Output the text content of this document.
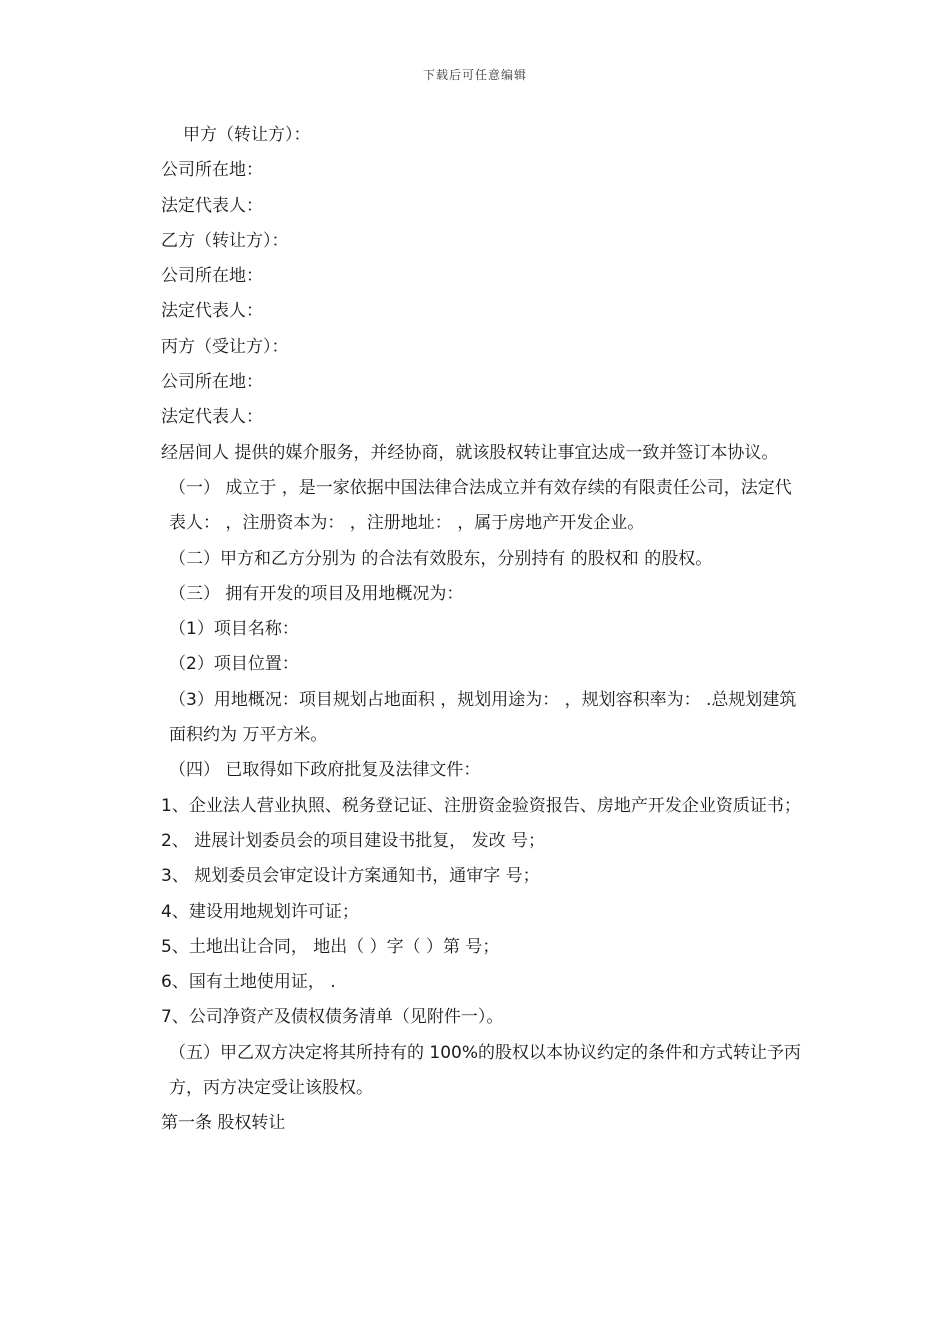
下载后可任意编辑

甲方（转让方）：

公司所在地：

法定代表人：

乙方（转让方）：

公司所在地：

法定代表人：

丙方（受让方）：

公司所在地：

法定代表人：

经居间人 提供的媒介服务，并经协商，就该股权转让事宜达成一致并签订本协议。

（一） 成立于 ，是一家依据中国法律合法成立并有效存续的有限责任公司，法定代表人： ，注册资本为： ，注册地址： ，属于房地产开发企业。

（二）甲方和乙方分别为 的合法有效股东，分别持有 的股权和 的股权。

（三） 拥有开发的项目及用地概况为：

（1）项目名称：

（2）项目位置：

（3）用地概况：项目规划占地面积 ，规划用途为： ，规划容积率为： .总规划建筑面积约为 万平方米。

（四） 已取得如下政府批复及法律文件：

1、企业法人营业执照、税务登记证、注册资金验资报告、房地产开发企业资质证书；

2、 进展计划委员会的项目建设书批复， 发改 号；

3、 规划委员会审定设计方案通知书，通审字 号；

4、建设用地规划许可证；

5、土地出让合同， 地出（ ）字（ ）第 号；

6、国有土地使用证， .

7、公司净资产及债权债务清单（见附件一）。

（五）甲乙双方决定将其所持有的 100%的股权以本协议约定的条件和方式转让予丙方，丙方决定受让该股权。

第一条 股权转让
